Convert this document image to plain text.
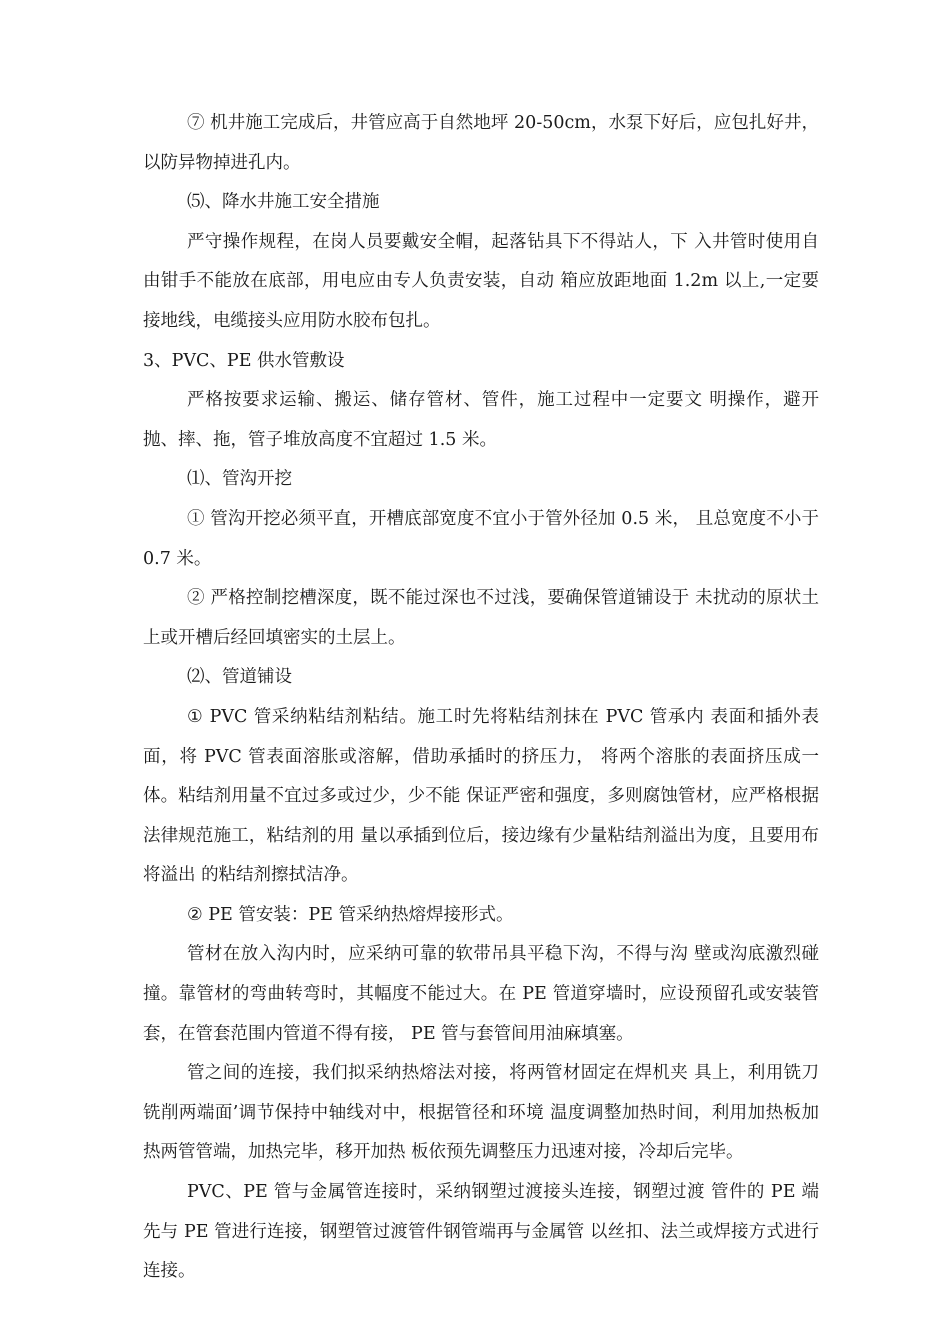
⑦ 机井施工完成后，井管应高于自然地坪 20-50cm，水泵下好后，应包扎好井，以防异物掉进孔内。

⑸、降水井施工安全措施

严守操作规程，在岗人员要戴安全帽，起落钻具下不得站人，下 入井管时使用自由钳手不能放在底部，用电应由专人负责安装，自动 箱应放距地面 1.2m 以上,一定要接地线，电缆接头应用防水胶布包扎。

3、PVC、PE 供水管敷设

严格按要求运输、搬运、储存管材、管件，施工过程中一定要文 明操作，避开抛、摔、拖，管子堆放高度不宜超过 1.5 米。

⑴、管沟开挖

① 管沟开挖必须平直，开槽底部宽度不宜小于管外径加 0.5 米， 且总宽度不小于 0.7 米。

② 严格控制挖槽深度，既不能过深也不过浅，要确保管道铺设于 未扰动的原状土上或开槽后经回填密实的土层上。

⑵、管道铺设

① PVC 管采纳粘结剂粘结。施工时先将粘结剂抹在 PVC 管承内 表面和插外表面，将 PVC 管表面溶胀或溶解，借助承插时的挤压力， 将两个溶胀的表面挤压成一体。粘结剂用量不宜过多或过少，少不能 保证严密和强度，多则腐蚀管材，应严格根据法律规范施工，粘结剂的用 量以承插到位后，接边缘有少量粘结剂溢出为度，且要用布将溢出 的粘结剂擦拭洁净。

② PE 管安装：PE 管采纳热熔焊接形式。

管材在放入沟内时，应采纳可靠的软带吊具平稳下沟，不得与沟 壁或沟底激烈碰撞。靠管材的弯曲转弯时，其幅度不能过大。在 PE 管道穿墙时，应设预留孔或安装管套，在管套范围内管道不得有接， PE 管与套管间用油麻填塞。

管之间的连接，我们拟采纳热熔法对接，将两管材固定在焊机夹 具上，利用铣刀铣削两端面’调节保持中轴线对中，根据管径和环境 温度调整加热时间，利用加热板加热两管管端，加热完毕，移开加热 板依预先调整压力迅速对接，冷却后完毕。

PVC、PE 管与金属管连接时，采纳钢塑过渡接头连接，钢塑过渡 管件的 PE 端先与 PE 管进行连接，钢塑管过渡管件钢管端再与金属管 以丝扣、法兰或焊接方式进行连接。
